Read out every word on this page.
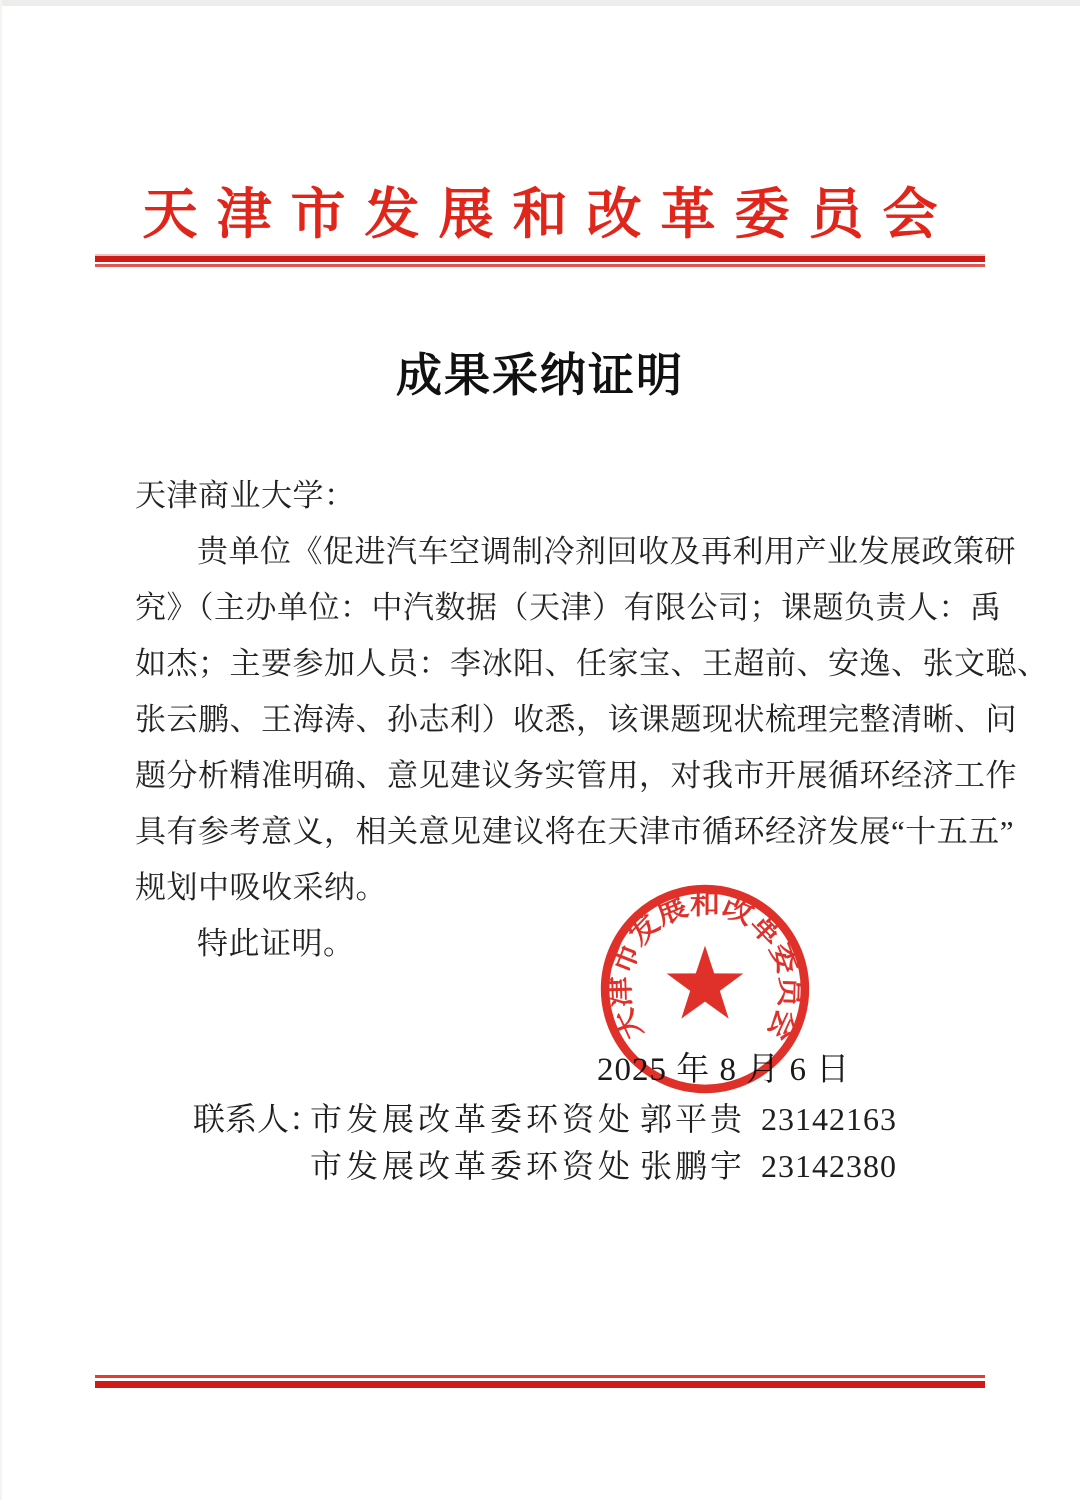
天津市发展和改革委员会
成果采纳证明
天津商业大学：
贵单位《促进汽车空调制冷剂回收及再利用产业发展政策研
究》（主办单位：中汽数据（天津）有限公司；课题负责人：禹
如杰；主要参加人员：李冰阳、任家宝、王超前、安逸、张文聪、
张云鹏、王海涛、孙志利）收悉，该课题现状梳理完整清晰、问
题分析精准明确、意见建议务实管用，对我市开展循环经济工作
具有参考意义，相关意见建议将在天津市循环经济发展“十五五”
规划中吸收采纳。
特此证明。
2025 年 8 月 6 日
天津市发展和改革委员会
联系人：
市发展改革委环资处 郭平贵 23142163
市发展改革委环资处 张鹏宇 23142380
